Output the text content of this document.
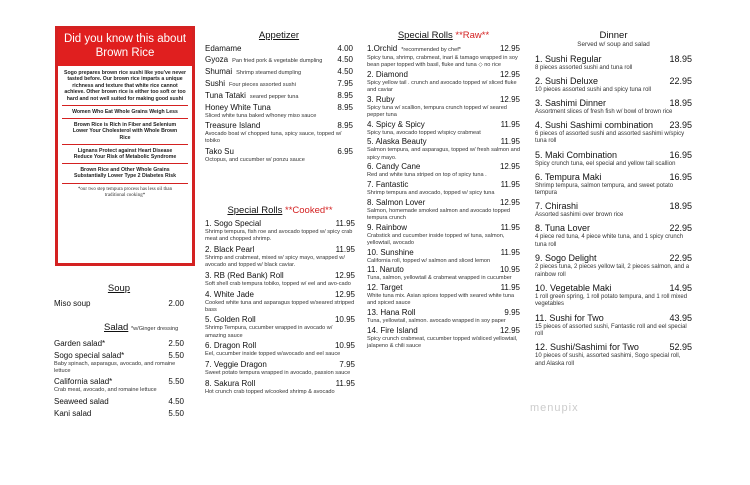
Did you know this about Brown Rice
Sogo prepares brown rice sushi like you've never tasted before. Our brown rice imparts a unique richness and texture that white rice cannot achieve. Other brown rice is either too soft or too hard and not well suited for making good sushi
Women Who Eat Whole Grains Weigh Less
Brown Rice is Rich in Fiber and Selenium Lower Your Cholesterol with Whole Brown Rice
Lignans Protect against Heart Disease Reduce Your Risk of Metabolic Syndrome
Brown Rice and Other Whole Grains Substantially Lower Type 2 Diabetes Risk
*our two step tempura process has less oil than traditional cooking*
Soup
Miso soup	2.00
Salad *w/Ginger dressing
Garden salad*	2.50
Sogo special salad*	5.50
Baby spinach, asparagus, avocado, and romaine lettuce
California salad*	5.50
Crab meat, avocado, and romaine lettuce
Seaweed salad	4.50
Kani salad	5.50
Appetizer
Edamame	4.00
Gyoza Pan fried pork & vegetable dumpling 4.50
Shumai Shrimp steamed dumpling	4.50
Sushi Four pieces assorted sushi	7.95
Tuna Tataki seared pepper tuna	8.95
Honey White Tuna	8.95
Sliced white tuna baked w/honey miso sauce
Treasure Island	8.95
Avocado boat w/ chopped tuna, spicy sauce, topped w/ tobiko
Tako Su	6.95
Octopus, and cucumber w/ ponzu sauce
Special Rolls **Cooked**
1. Sogo Special	11.95
Shrimp tempura, fish roe and avocado topped w/ spicy crab meat and chopped shrimp.
2. Black Pearl	11.95
Shrimp and crabmeat, mixed w/ spicy mayo, wrapped w/ avocado and topped w/ black caviar.
3. RB (Red Bank) Roll	12.95
Soft shell crab tempura tobiko, topped w/ eel and avo-cado
4. White Jade	12.95
Cooked white tuna and asparagus topped w/seared stripped bass
5. Golden Roll	10.95
Shrimp Tempura, cucumber wrapped in avocado w/ amazing sauce
6. Dragon Roll	10.95
Eel, cucumber inside topped w/avocado and eel sauce
7. Veggie Dragon	7.95
Sweet potato tempura wrapped in avocado, passion sauce
8. Sakura Roll	11.95
Hot crunch crab topped w/cooked shrimp & avocado
Special Rolls **Raw**
1.Orchid *recommended by chef*	12.95
Spicy tuna, shrimp, crabmeat, inari & tamago wrapped in soy bean paper topped with basil, fluke and tuna ◇ no rice
2. Diamond	12.95
Spicy yellow tail . crunch and avocado topped w/ sliced fluke and caviar
3. Ruby	12.95
Spicy tuna w/ scallion, tempura crunch topped w/ seared pepper tuna
4. Spicy & Spicy	11.95
Spicy tuna, avocado topped w/spicy crabmeat
5. Alaska Beauty	11.95
Salmon tempura, and asparagus, topped w/ fresh salmon and spicy mayo.
6. Candy Cane	12.95
Red and white tuna striped on top of spicy tuna .
7. Fantastic	11.95
Shrimp tempura and avocado, topped w/ spicy tuna
8. Salmon Lover	12.95
Salmon, homemade smoked salmon and avocado topped tempura crunch
9. Rainbow	11.95
Crabstick and cucumber inside topped w/ tuna, salmon, yellowtail, avocado
10. Sunshine	11.95
California roll, topped w/ salmon and sliced lemon
11. Naruto	10.95
Tuna, salmon, yellowtail & crabmeat wrapped in cucumber
12. Target	11.95
White tuna mix. Asian spices topped with seared white tuna and spiced sauce
13. Hana Roll	9.95
Tuna, yellowtail, salmon. avocado wrapped in soy paper
14. Fire Island	12.95
Spicy crunch crabmeat, cucumber topped w/sliced yellowtail, jalapeno & chili sauce
Dinner
Served w/ soup and salad
1. Sushi Regular	18.95
8 pieces assorted sushi and tuna roll
2. Sushi Deluxe	22.95
10 pieces assorted sushi and spicy tuna roll
3. Sashimi Dinner	18.95
Assortment slices of fresh fish w/ bowl of brown rice
4. Sushi Sashimi combination 23.95
6 pieces of assorted sushi and assorted sashimi w/spicy tuna roll
5. Maki Combination	16.95
Spicy crunch tuna, eel special and yellow tail scallion
6. Tempura Maki	16.95
Shrimp tempura, salmon tempura, and sweet potato tempura
7. Chirashi	18.95
Assorted sashimi over brown rice
8. Tuna Lover	22.95
4 piece red tuna, 4 piece white tuna, and 1 spicy crunch tuna roll
9. Sogo Delight	22.95
2 pieces tuna, 2 pieces yellow tail, 2 pieces salmon, and a rainbow roll
10. Vegetable Maki	14.95
1 roll green spring, 1 roll potato tempura, and 1 roll mixed vegetables
11. Sushi for Two	43.95
15 pieces of assorted sushi, Fantastic roll and eel special roll
12. Sushi/Sashimi for Two	52.95
10 pieces of sushi, assorted sashimi, Sogo special roll, and Alaska roll
menupix
